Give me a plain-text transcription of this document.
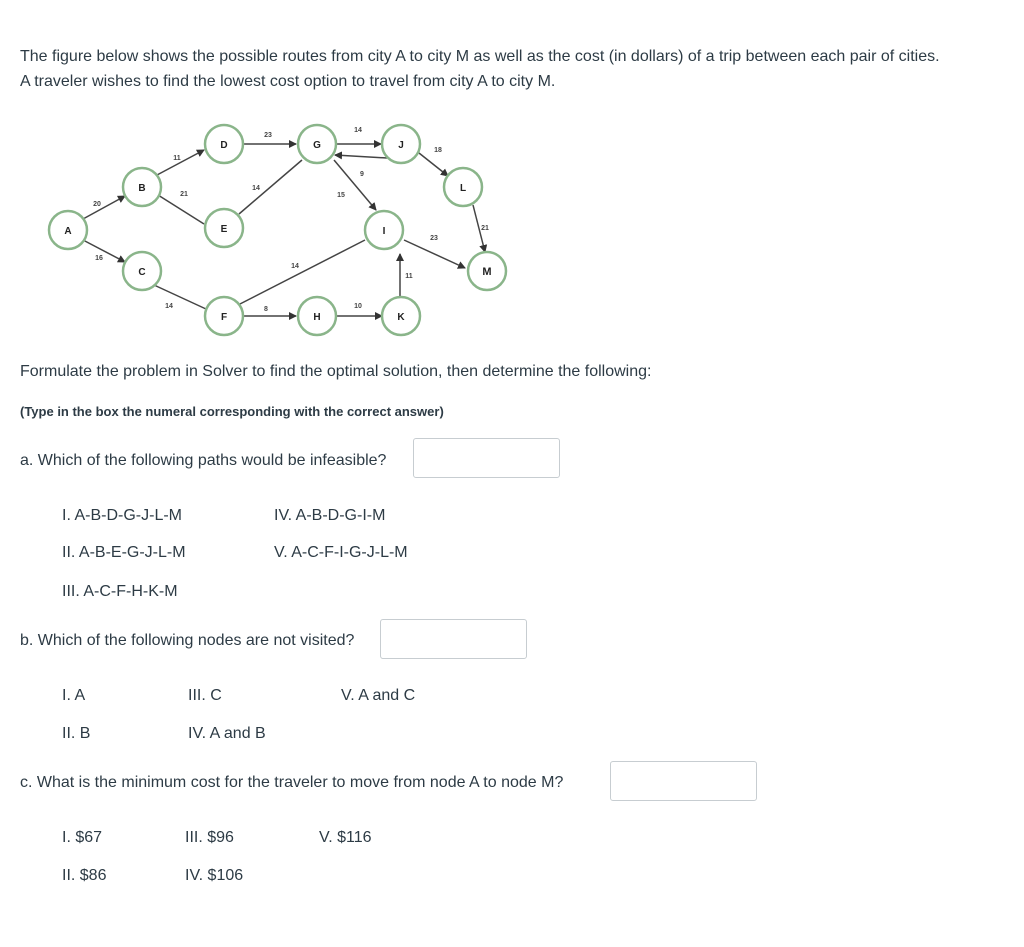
The figure below shows the possible routes from city A to city M as well as the cost (in dollars) of a trip between each pair of cities.
A traveler wishes to find the lowest cost option to travel from city A to city M.
A
B
C
D
E
F
G
H
I
J
K
L
M
20
16
11
21
14
23
14
8
14
14
15
9
10
11
18
21
23
Formulate the problem in Solver to find the optimal solution, then determine the following:
(Type in the box the numeral corresponding with the correct answer)
a. Which of the following paths would be infeasible?
I. A-B-D-G-J-L-M
II. A-B-E-G-J-L-M
III. A-C-F-H-K-M
IV. A-B-D-G-I-M
V. A-C-F-I-G-J-L-M
b. Which of the following nodes are not visited?
I. A
II. B
III. C
IV. A and B
V. A and C
c. What is the minimum cost for the traveler to move from node A to node M?
I. $67
II. $86
III. $96
IV. $106
V. $116
